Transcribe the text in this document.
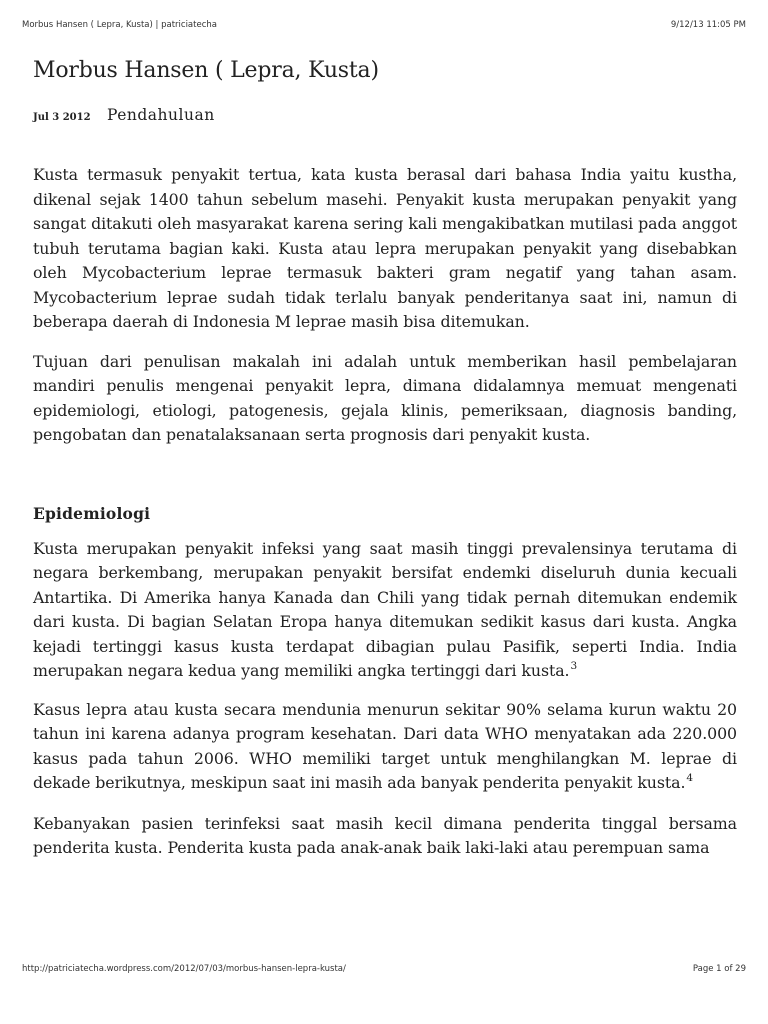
Morbus Hansen ( Lepra, Kusta) | patriciatecha	9/12/13 11:05 PM
Morbus Hansen ( Lepra, Kusta)
Jul 3 2012	Pendahuluan

Kusta termasuk penyakit tertua, kata kusta berasal dari bahasa India yaitu kustha, dikenal sejak 1400 tahun sebelum masehi. Penyakit kusta merupakan penyakit yang sangat ditakuti oleh masyarakat karena sering kali mengakibatkan mutilasi pada anggot tubuh terutama bagian kaki. Kusta atau lepra merupakan penyakit yang disebabkan oleh Mycobacterium leprae termasuk bakteri gram negatif yang tahan asam. Mycobacterium leprae sudah tidak terlalu banyak penderitanya saat ini, namun di beberapa daerah di Indonesia M leprae masih bisa ditemukan.

Tujuan dari penulisan makalah ini adalah untuk memberikan hasil pembelajaran mandiri penulis mengenai penyakit lepra, dimana didalamnya memuat mengenati epidemiologi, etiologi, patogenesis, gejala klinis, pemeriksaan, diagnosis banding, pengobatan dan penatalaksanaan serta prognosis dari penyakit kusta.

Epidemiologi

Kusta merupakan penyakit infeksi yang saat masih tinggi prevalensinya terutama di negara berkembang, merupakan penyakit bersifat endemki diseluruh dunia kecuali Antartika. Di Amerika hanya Kanada dan Chili yang tidak pernah ditemukan endemik dari kusta. Di bagian Selatan Eropa hanya ditemukan sedikit kasus dari kusta. Angka kejadi tertinggi kasus kusta terdapat dibagian pulau Pasifik, seperti India. India merupakan negara kedua yang memiliki angka tertinggi dari kusta.$^3$

Kasus lepra atau kusta secara mendunia menurun sekitar 90% selama kurun waktu 20 tahun ini karena adanya program kesehatan. Dari data WHO menyatakan ada 220.000 kasus pada tahun 2006. WHO memiliki target untuk menghilangkan M. leprae di dekade berikutnya, meskipun saat ini masih ada banyak penderita penyakit kusta.$^4$

Kebanyakan pasien terinfeksi saat masih kecil dimana penderita tinggal bersama penderita kusta. Penderita kusta pada anak-anak baik laki-laki atau perempuan sama

http://patriciatecha.wordpress.com/2012/07/03/morbus-hansen-lepra-kusta/	Page 1 of 29
